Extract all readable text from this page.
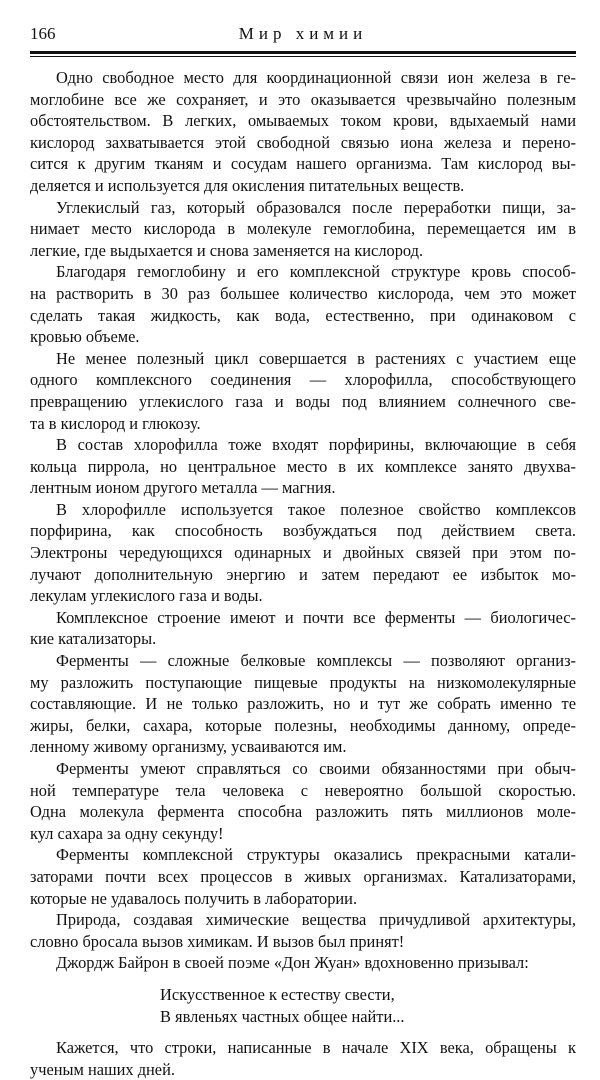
166	Мир химии
Одно свободное место для координационной связи ион железа в ге-
моглобине все же сохраняет, и это оказывается чрезвычайно полезным
обстоятельством. В легких, омываемых током крови, вдыхаемый нами
кислород захватывается этой свободной связью иона железа и перено-
сится к другим тканям и сосудам нашего организма. Там кислород вы-
деляется и используется для окисления питательных веществ.
Углекислый газ, который образовался после переработки пищи, за-
нимает место кислорода в молекуле гемоглобина, перемещается им в
легкие, где выдыхается и снова заменяется на кислород.
Благодаря гемоглобину и его комплексной структуре кровь способ-
на растворить в 30 раз большее количество кислорода, чем это может
сделать такая жидкость, как вода, естественно, при одинаковом с
кровью объеме.
Не менее полезный цикл совершается в растениях с участием еще
одного комплексного соединения — хлорофилла, способствующего
превращению углекислого газа и воды под влиянием солнечного све-
та в кислород и глюкозу.
В состав хлорофилла тоже входят порфирины, включающие в себя
кольца пиррола, но центральное место в их комплексе занято двухва-
лентным ионом другого металла — магния.
В хлорофилле используется такое полезное свойство комплексов
порфирина, как способность возбуждаться под действием света.
Электроны чередующихся одинарных и двойных связей при этом по-
лучают дополнительную энергию и затем передают ее избыток мо-
лекулам углекислого газа и воды.
Комплексное строение имеют и почти все ферменты — биологичес-
кие катализаторы.
Ферменты — сложные белковые комплексы — позволяют организ-
му разложить поступающие пищевые продукты на низкомолекулярные
составляющие. И не только разложить, но и тут же собрать именно те
жиры, белки, сахара, которые полезны, необходимы данному, опреде-
ленному живому организму, усваиваются им.
Ферменты умеют справляться со своими обязанностями при обыч-
ной температуре тела человека с невероятно большой скоростью.
Одна молекула фермента способна разложить пять миллионов моле-
кул сахара за одну секунду!
Ферменты комплексной структуры оказались прекрасными катали-
заторами почти всех процессов в живых организмах. Катализаторами,
которые не удавалось получить в лаборатории.
Природа, создавая химические вещества причудливой архитектуры,
словно бросала вызов химикам. И вызов был принят!
Джордж Байрон в своей поэме «Дон Жуан» вдохновенно призывал:
Искусственное к естеству свести,
В явленьях частных общее найти...
Кажется, что строки, написанные в начале XIX века, обращены к
ученым наших дней.
